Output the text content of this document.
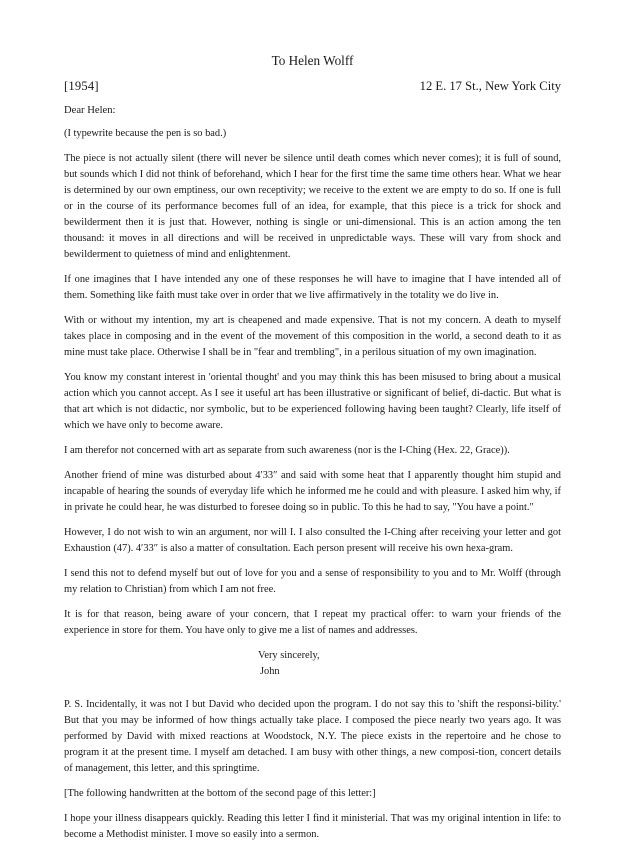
To Helen Wolff
[1954]	12 E. 17 St., New York City

Dear Helen:

(I typewrite because the pen is so bad.)

The piece is not actually silent (there will never be silence until death comes which never comes); it is full of sound, but sounds which I did not think of beforehand, which I hear for the first time the same time others hear. What we hear is determined by our own emptiness, our own receptivity; we receive to the extent we are empty to do so. If one is full or in the course of its performance becomes full of an idea, for example, that this piece is a trick for shock and bewilderment then it is just that. However, nothing is single or uni-dimensional. This is an action among the ten thousand: it moves in all directions and will be received in unpredictable ways. These will vary from shock and bewilderment to quietness of mind and enlightenment.

If one imagines that I have intended any one of these responses he will have to imagine that I have intended all of them. Something like faith must take over in order that we live affirmatively in the totality we do live in.

With or without my intention, my art is cheapened and made expensive. That is not my concern. A death to myself takes place in composing and in the event of the movement of this composition in the world, a second death to it as mine must take place. Otherwise I shall be in "fear and trembling", in a perilous situation of my own imagination.

You know my constant interest in 'oriental thought' and you may think this has been misused to bring about a musical action which you cannot accept. As I see it useful art has been illustrative or significant of belief, di-dactic. But what is that art which is not didactic, nor symbolic, but to be experienced following having been taught? Clearly, life itself of which we have only to become aware.

I am therefor not concerned with art as separate from such awareness (nor is the I-Ching (Hex. 22, Grace)).

Another friend of mine was disturbed about 4′33″ and said with some heat that I apparently thought him stupid and incapable of hearing the sounds of everyday life which he informed me he could and with pleasure. I asked him why, if in private he could hear, he was disturbed to foresee doing so in public. To this he had to say, "You have a point."

However, I do not wish to win an argument, nor will I. I also consulted the I-Ching after receiving your letter and got Exhaustion (47). 4′33″ is also a matter of consultation. Each person present will receive his own hexa-gram.

I send this not to defend myself but out of love for you and a sense of responsibility to you and to Mr. Wolff (through my relation to Christian) from which I am not free.

It is for that reason, being aware of your concern, that I repeat my practical offer: to warn your friends of the experience in store for them. You have only to give me a list of names and addresses.

Very sincerely,
John

P. S. Incidentally, it was not I but David who decided upon the program. I do not say this to 'shift the responsi-bility.' But that you may be informed of how things actually take place. I composed the piece nearly two years ago. It was performed by David with mixed reactions at Woodstock, N.Y. The piece exists in the repertoire and he chose to program it at the present time. I myself am detached. I am busy with other things, a new composi-tion, concert details of management, this letter, and this springtime.

[The following handwritten at the bottom of the second page of this letter:]

I hope your illness disappears quickly. Reading this letter I find it ministerial. That was my original intention in life: to become a Methodist minister. I move so easily into a sermon.
